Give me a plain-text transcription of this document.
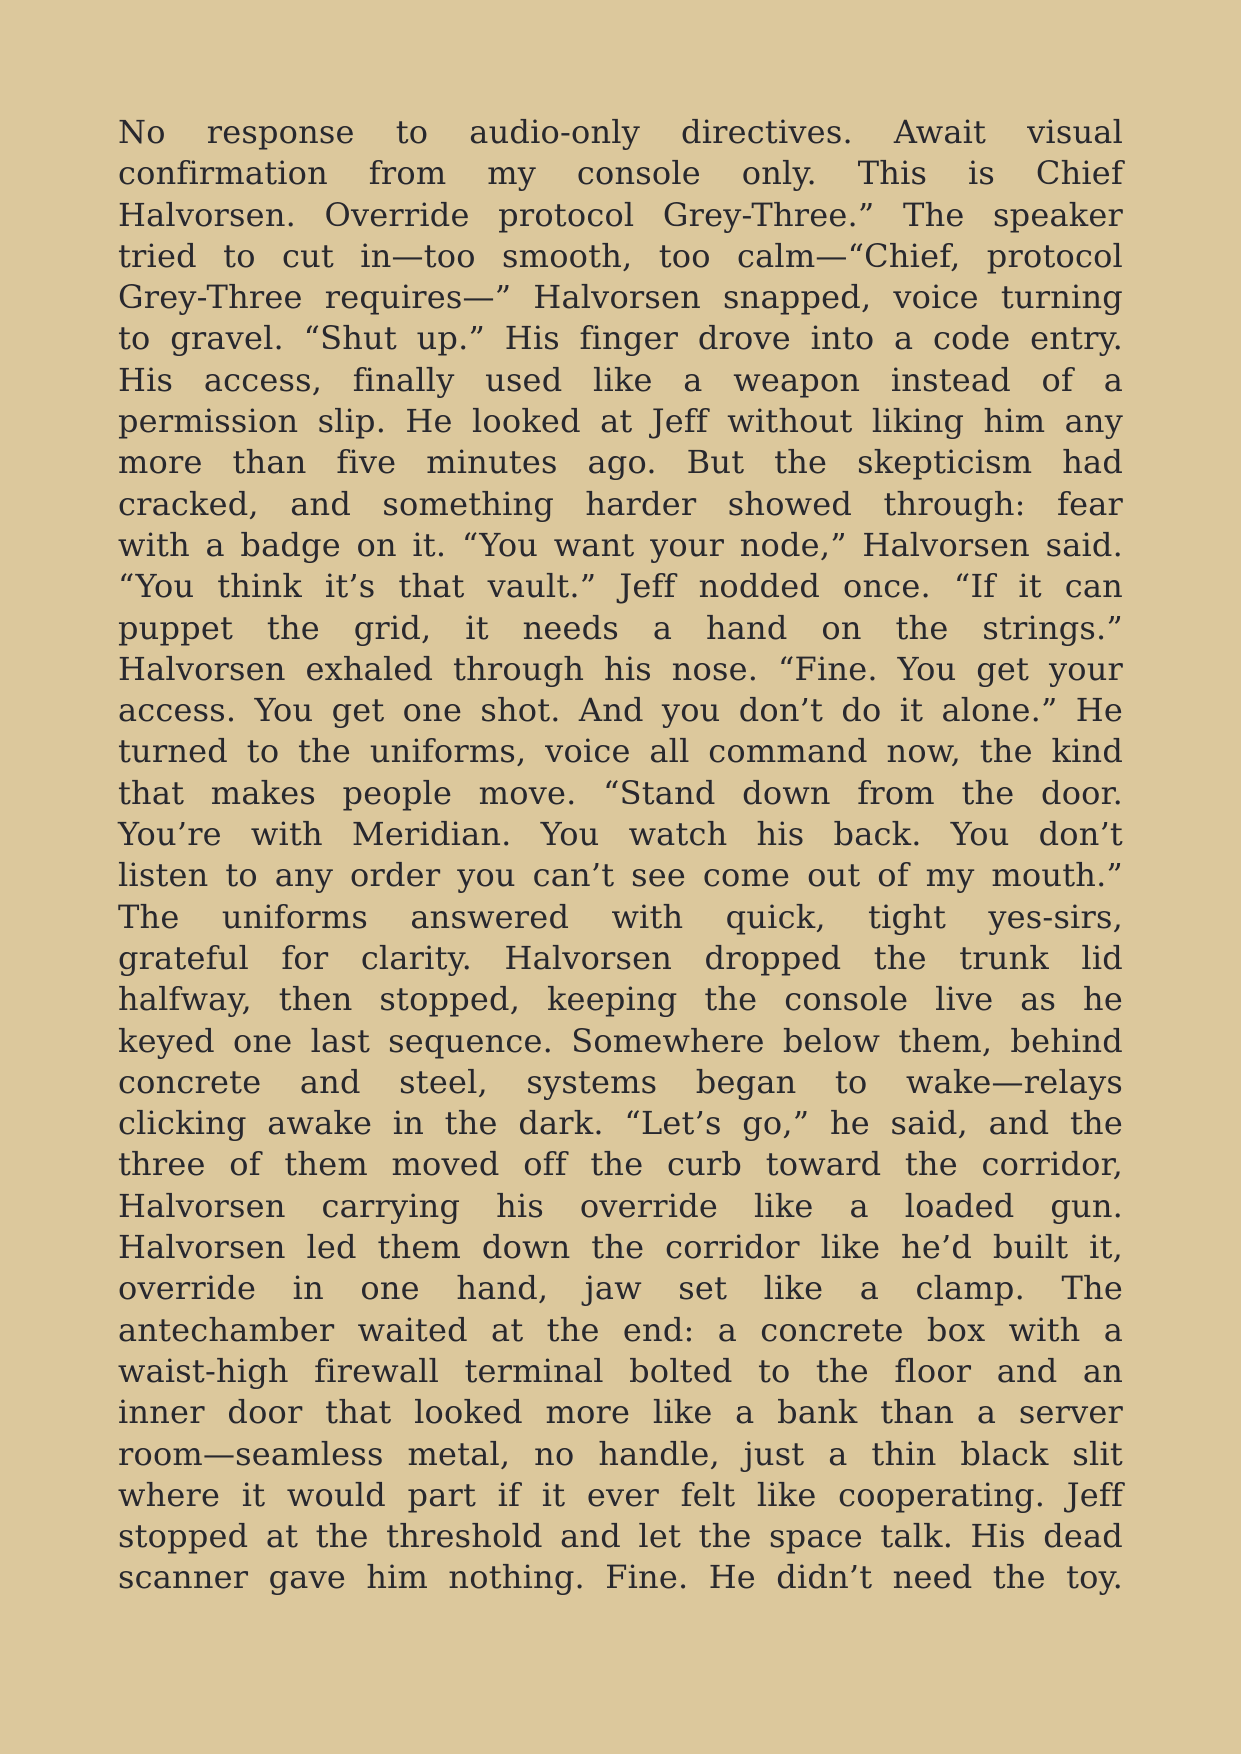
No response to audio-only directives. Await visual
confirmation from my console only. This is Chief
Halvorsen. Override protocol Grey-Three.” The speaker
tried to cut in—too smooth, too calm—“Chief, protocol
Grey-Three requires—” Halvorsen snapped, voice turning
to gravel. “Shut up.” His finger drove into a code entry.
His access, finally used like a weapon instead of a
permission slip. He looked at Jeff without liking him any
more than five minutes ago. But the skepticism had
cracked, and something harder showed through: fear
with a badge on it. “You want your node,” Halvorsen said.
“You think it’s that vault.” Jeff nodded once. “If it can
puppet the grid, it needs a hand on the strings.”
Halvorsen exhaled through his nose. “Fine. You get your
access. You get one shot. And you don’t do it alone.” He
turned to the uniforms, voice all command now, the kind
that makes people move. “Stand down from the door.
You’re with Meridian. You watch his back. You don’t
listen to any order you can’t see come out of my mouth.”
The uniforms answered with quick, tight yes-sirs,
grateful for clarity. Halvorsen dropped the trunk lid
halfway, then stopped, keeping the console live as he
keyed one last sequence. Somewhere below them, behind
concrete and steel, systems began to wake—relays
clicking awake in the dark. “Let’s go,” he said, and the
three of them moved off the curb toward the corridor,
Halvorsen carrying his override like a loaded gun.
Halvorsen led them down the corridor like he’d built it,
override in one hand, jaw set like a clamp. The
antechamber waited at the end: a concrete box with a
waist-high firewall terminal bolted to the floor and an
inner door that looked more like a bank than a server
room—seamless metal, no handle, just a thin black slit
where it would part if it ever felt like cooperating. Jeff
stopped at the threshold and let the space talk. His dead
scanner gave him nothing. Fine. He didn’t need the toy.
